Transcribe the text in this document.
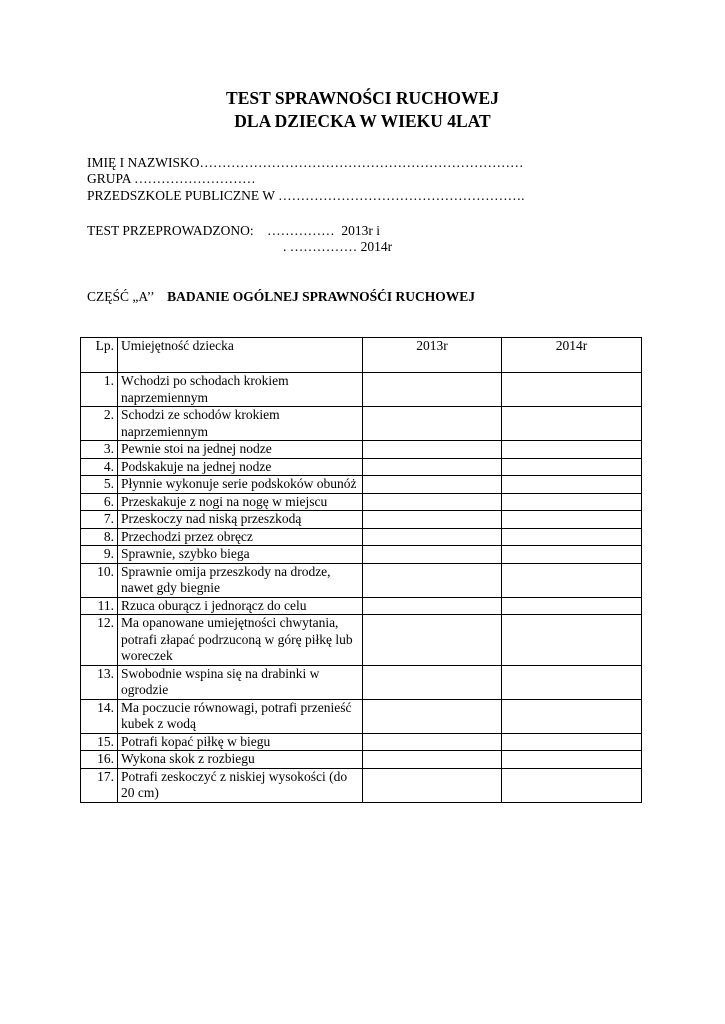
TEST SPRAWNOŚCI RUCHOWEJ
DLA DZIECKA W WIEKU 4LAT
IMIĘ I NAZWISKO………………………………………………………………
GRUPA ………………………
PRZEDSZKOLE PUBLICZNE W ……………………………………………….
TEST PRZEPROWADZONO:    ……………  2013r i
. …………… 2014r
CZĘŚĆ „A’’ BADANIE OGÓLNEJ SPRAWNOŚĆI RUCHOWEJ
Lp.	Umiejętność dziecka	2013r	2014r
1.	Wchodzi po schodach krokiem naprzemiennym		
2.	Schodzi ze schodów krokiem naprzemiennym		
3.	Pewnie stoi na jednej nodze		
4.	Podskakuje na jednej nodze		
5.	Płynnie wykonuje serie podskoków obunóż		
6.	Przeskakuje z nogi na nogę w miejscu		
7.	Przeskoczy nad niską przeszkodą		
8.	Przechodzi przez obręcz		
9.	Sprawnie, szybko biega		
10.	Sprawnie omija przeszkody na drodze, nawet gdy biegnie		
11.	Rzuca oburącz i jednorącz do celu		
12.	Ma opanowane umiejętności chwytania, potrafi złapać podrzuconą w górę piłkę lub woreczek		
13.	Swobodnie wspina się na drabinki w ogrodzie		
14.	Ma poczucie równowagi, potrafi przenieść kubek z wodą		
15.	Potrafi kopać piłkę w biegu		
16.	Wykona skok z rozbiegu		
17.	Potrafi zeskoczyć z niskiej wysokości (do 20 cm)		
